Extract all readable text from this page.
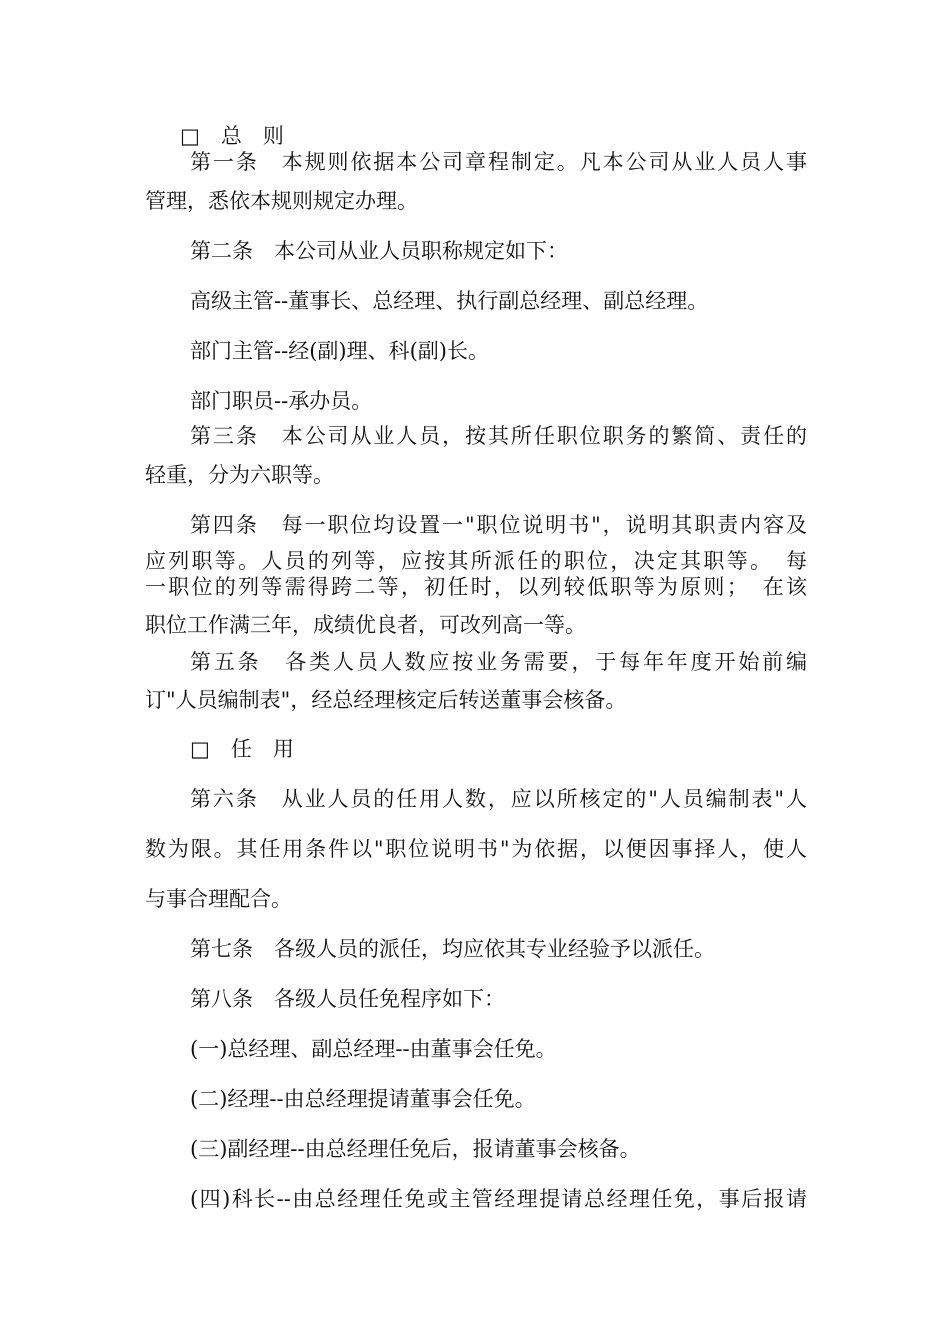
□　总　则
第一条　本规则依据本公司章程制定。凡本公司从业人员人事
管理，悉依本规则规定办理。
第二条　本公司从业人员职称规定如下：
高级主管--董事长、总经理、执行副总经理、副总经理。
部门主管--经(副)理、科(副)长。
部门职员--承办员。
第三条　本公司从业人员，按其所任职位职务的繁简、责任的
轻重，分为六职等。
第四条　每一职位均设置一"职位说明书"，说明其职责内容及
应列职等。人员的列等，应按其所派任的职位，决定其职等。　每
一职位的列等需得跨二等，初任时，以列较低职等为原则；　在该
职位工作满三年，成绩优良者，可改列高一等。
第五条　各类人员人数应按业务需要，于每年年度开始前编
订"人员编制表"，经总经理核定后转送董事会核备。
□　任　用
第六条　从业人员的任用人数，应以所核定的"人员编制表"人
数为限。其任用条件以"职位说明书"为依据，以便因事择人，使人
与事合理配合。
第七条　各级人员的派任，均应依其专业经验予以派任。
第八条　各级人员任免程序如下：
(一)总经理、副总经理--由董事会任免。
(二)经理--由总经理提请董事会任免。
(三)副经理--由总经理任免后，报请董事会核备。
(四)科长--由总经理任免或主管经理提请总经理任免，事后报请
